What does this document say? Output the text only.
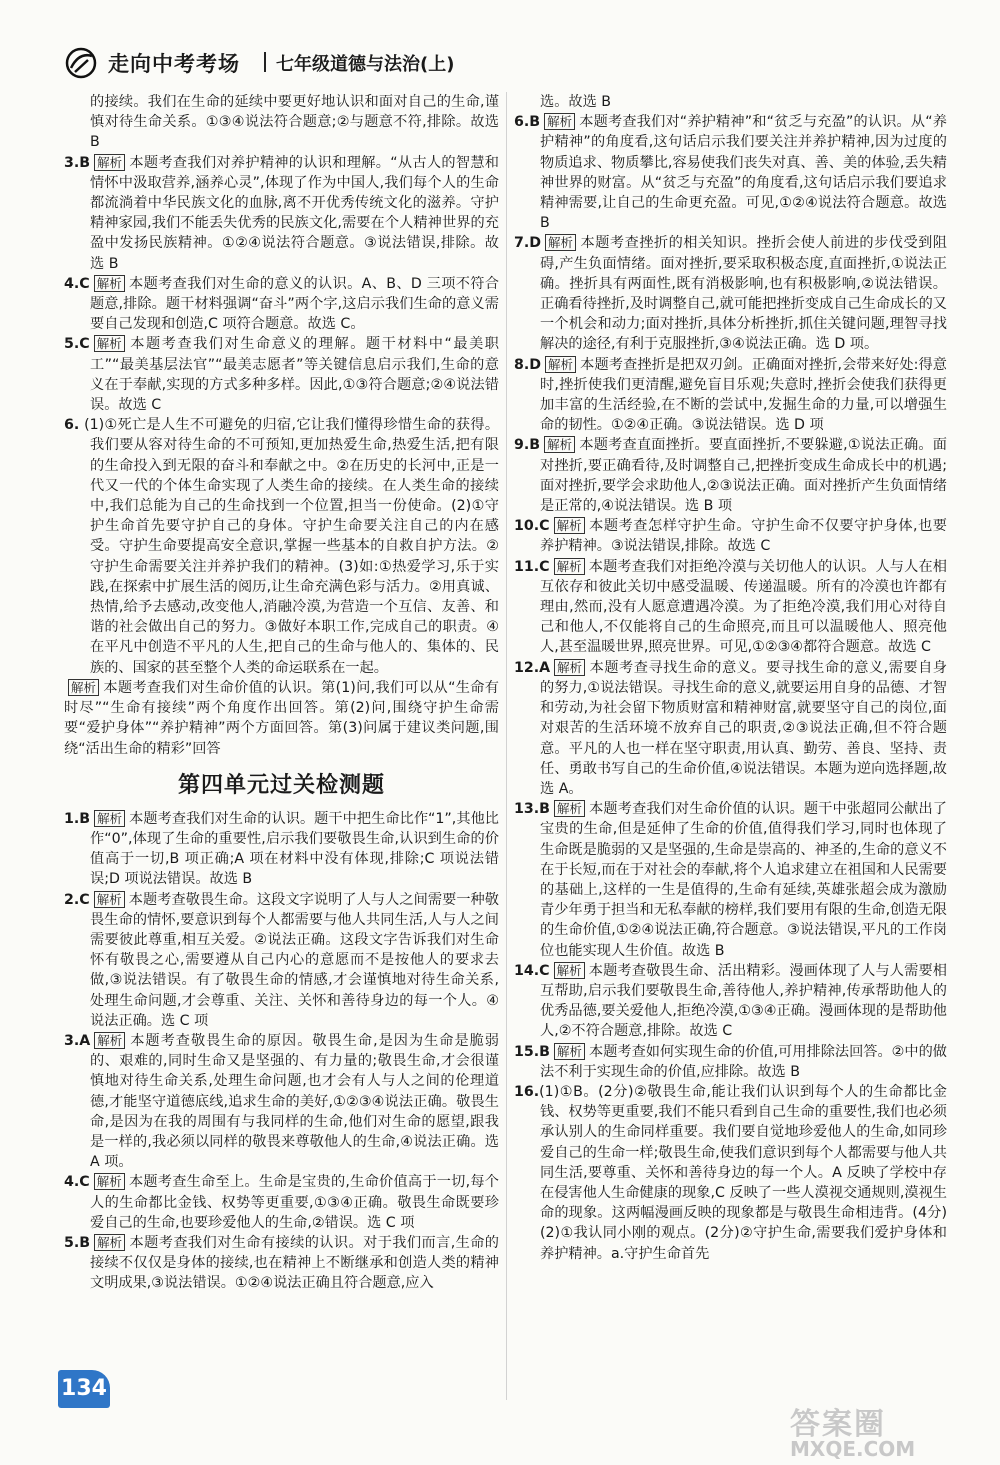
走向中考考场 七年级道德与法治(上)

的接续。我们在生命的延续中要更好地认识和面对自己的生命,谨慎对待生命关系。①③④说法符合题意;②与题意不符,排除。故选 B

3.B 解析 本题考查我们对养护精神的认识和理解。“从古人的智慧和情怀中汲取营养,涵养心灵”,体现了作为中国人,我们每个人的生命都流淌着中华民族文化的血脉,离不开优秀传统文化的滋养。守护精神家园,我们不能丢失优秀的民族文化,需要在个人精神世界的充盈中发扬民族精神。①②④说法符合题意。③说法错误,排除。故选 B

4.C 解析 本题考查我们对生命的意义的认识。A、B、D 三项不符合题意,排除。题干材料强调“奋斗”两个字,这启示我们生命的意义需要自己发现和创造,C 项符合题意。故选 C。

5.C 解析 本题考查我们对生命意义的理解。题干材料中“最美职工”“最美基层法官”“最美志愿者”等关键信息启示我们,生命的意义在于奉献,实现的方式多种多样。因此,①③符合题意;②④说法错误。故选 C

6. (1)①死亡是人生不可避免的归宿,它让我们懂得珍惜生命的获得。我们要从容对待生命的不可预知,更加热爱生命,热爱生活,把有限的生命投入到无限的奋斗和奉献之中。②在历史的长河中,正是一代又一代的个体生命实现了人类生命的接续。在人类生命的接续中,我们总能为自己的生命找到一个位置,担当一份使命。(2)①守护生命首先要守护自己的身体。守护生命要关注自己的内在感受。守护生命要提高安全意识,掌握一些基本的自救自护方法。②守护生命需要关注并养护我们的精神。(3)如:①热爱学习,乐于实践,在探索中扩展生活的阅历,让生命充满色彩与活力。②用真诚、热情,给予去感动,改变他人,消融冷漠,为营造一个互信、友善、和谐的社会做出自己的努力。③做好本职工作,完成自己的职责。④在平凡中创造不平凡的人生,把自己的生命与他人的、集体的、民族的、国家的甚至整个人类的命运联系在一起。

解析 本题考查我们对生命价值的认识。第(1)问,我们可以从“生命有时尽”“生命有接续”两个角度作出回答。第(2)问,围绕守护生命需要“爱护身体”“养护精神”两个方面回答。第(3)问属于建议类问题,围绕“活出生命的精彩”回答

第四单元过关检测题

1.B 解析 本题考查我们对生命的认识。题干中把生命比作“1”,其他比作“0”,体现了生命的重要性,启示我们要敬畏生命,认识到生命的价值高于一切,B 项正确;A 项在材料中没有体现,排除;C 项说法错误;D 项说法错误。故选 B

2.C 解析 本题考查敬畏生命。这段文字说明了人与人之间需要一种敬畏生命的情怀,要意识到每个人都需要与他人共同生活,人与人之间需要彼此尊重,相互关爱。②说法正确。这段文字告诉我们对生命怀有敬畏之心,需要遵从自己内心的意愿而不是按他人的要求去做,③说法错误。有了敬畏生命的情感,才会谨慎地对待生命关系,处理生命问题,才会尊重、关注、关怀和善待身边的每一个人。④说法正确。选 C 项

3.A 解析 本题考查敬畏生命的原因。敬畏生命,是因为生命是脆弱的、艰难的,同时生命又是坚强的、有力量的;敬畏生命,才会很谨慎地对待生命关系,处理生命问题,也才会有人与人之间的伦理道德,才能坚守道德底线,追求生命的美好,①②③④说法正确。敬畏生命,是因为在我的周围有与我同样的生命,他们对生命的愿望,跟我是一样的,我必须以同样的敬畏来尊敬他人的生命,④说法正确。选 A 项。

4.C 解析 本题考查生命至上。生命是宝贵的,生命价值高于一切,每个人的生命都比金钱、权势等更重要,①③④正确。敬畏生命既要珍爱自己的生命,也要珍爱他人的生命,②错误。选 C 项

5.B 解析 本题考查我们对生命有接续的认识。对于我们而言,生命的接续不仅仅是身体的接续,也在精神上不断继承和创造人类的精神文明成果,③说法错误。①②④说法正确且符合题意,应入

选。故选 B

6.B 解析 本题考查我们对“养护精神”和“贫乏与充盈”的认识。从“养护精神”的角度看,这句话启示我们要关注并养护精神,因为过度的物质追求、物质攀比,容易使我们丧失对真、善、美的体验,丢失精神世界的财富。从“贫乏与充盈”的角度看,这句话启示我们要追求精神需要,让自己的生命更充盈。可见,①②④说法符合题意。故选 B

7.D 解析 本题考查挫折的相关知识。挫折会使人前进的步伐受到阻碍,产生负面情绪。面对挫折,要采取积极态度,直面挫折,①说法正确。挫折具有两面性,既有消极影响,也有积极影响,②说法错误。正确看待挫折,及时调整自己,就可能把挫折变成自己生命成长的又一个机会和动力;面对挫折,具体分析挫折,抓住关键问题,理智寻找解决的途径,有利于克服挫折,③④说法正确。选 D 项。

8.D 解析 本题考查挫折是把双刃剑。正确面对挫折,会带来好处:得意时,挫折使我们更清醒,避免盲目乐观;失意时,挫折会使我们获得更加丰富的生活经验,在不断的尝试中,发掘生命的力量,可以增强生命的韧性。①②④正确。③说法错误。选 D 项

9.B 解析 本题考查直面挫折。要直面挫折,不要躲避,①说法正确。面对挫折,要正确看待,及时调整自己,把挫折变成生命成长中的机遇;面对挫折,要学会求助他人,②③说法正确。面对挫折产生负面情绪是正常的,④说法错误。选 B 项

10.C 解析 本题考查怎样守护生命。守护生命不仅要守护身体,也要养护精神。③说法错误,排除。故选 C

11.C 解析 本题考查我们对拒绝冷漠与关切他人的认识。人与人在相互依存和彼此关切中感受温暖、传递温暖。所有的冷漠也许都有理由,然而,没有人愿意遭遇冷漠。为了拒绝冷漠,我们用心对待自己和他人,不仅能将自己的生命照亮,而且可以温暖他人、照亮他人,甚至温暖世界,照亮世界。可见,①②③④都符合题意。故选 C

12.A 解析 本题考查寻找生命的意义。要寻找生命的意义,需要自身的努力,①说法错误。寻找生命的意义,就要运用自身的品德、才智和劳动,为社会留下物质财富和精神财富,就要坚守自己的岗位,面对艰苦的生活环境不放弃自己的职责,②③说法正确,但不符合题意。平凡的人也一样在坚守职责,用认真、勤劳、善良、坚持、责任、勇敢书写自己的生命价值,④说法错误。本题为逆向选择题,故选 A。

13.B 解析 本题考查我们对生命价值的认识。题干中张超同公献出了宝贵的生命,但是延伸了生命的价值,值得我们学习,同时也体现了生命既是脆弱的又是坚强的,生命是崇高的、神圣的,生命的意义不在于长短,而在于对社会的奉献,将个人追求建立在祖国和人民需要的基础上,这样的一生是值得的,生命有延续,英雄张超会成为激励青少年勇于担当和无私奉献的榜样,我们要用有限的生命,创造无限的生命价值,①②④说法正确,符合题意。③说法错误,平凡的工作岗位也能实现人生价值。故选 B

14.C 解析 本题考查敬畏生命、活出精彩。漫画体现了人与人需要相互帮助,启示我们要敬畏生命,善待他人,养护精神,传承帮助他人的优秀品德,要关爱他人,拒绝冷漠,①③④正确。漫画体现的是帮助他人,②不符合题意,排除。故选 C

15.B 解析 本题考查如何实现生命的价值,可用排除法回答。②中的做法不利于实现生命的价值,应排除。故选 B

16.(1)①B。(2分)②敬畏生命,能让我们认识到每个人的生命都比金钱、权势等更重要,我们不能只看到自己生命的重要性,我们也必须承认别人的生命同样重要。我们要自觉地珍爱他人的生命,如同珍爱自己的生命一样;敬畏生命,使我们意识到每个人都需要与他人共同生活,要尊重、关怀和善待身边的每一个人。A 反映了学校中存在侵害他人生命健康的现象,C 反映了一些人漠视交通规则,漠视生命的现象。这两幅漫画反映的现象都是与敬畏生命相违背。(4分)(2)①我认同小刚的观点。(2分)②守护生命,需要我们爱护身体和养护精神。a.守护生命首先

134
答案圈
MXQE.COM
